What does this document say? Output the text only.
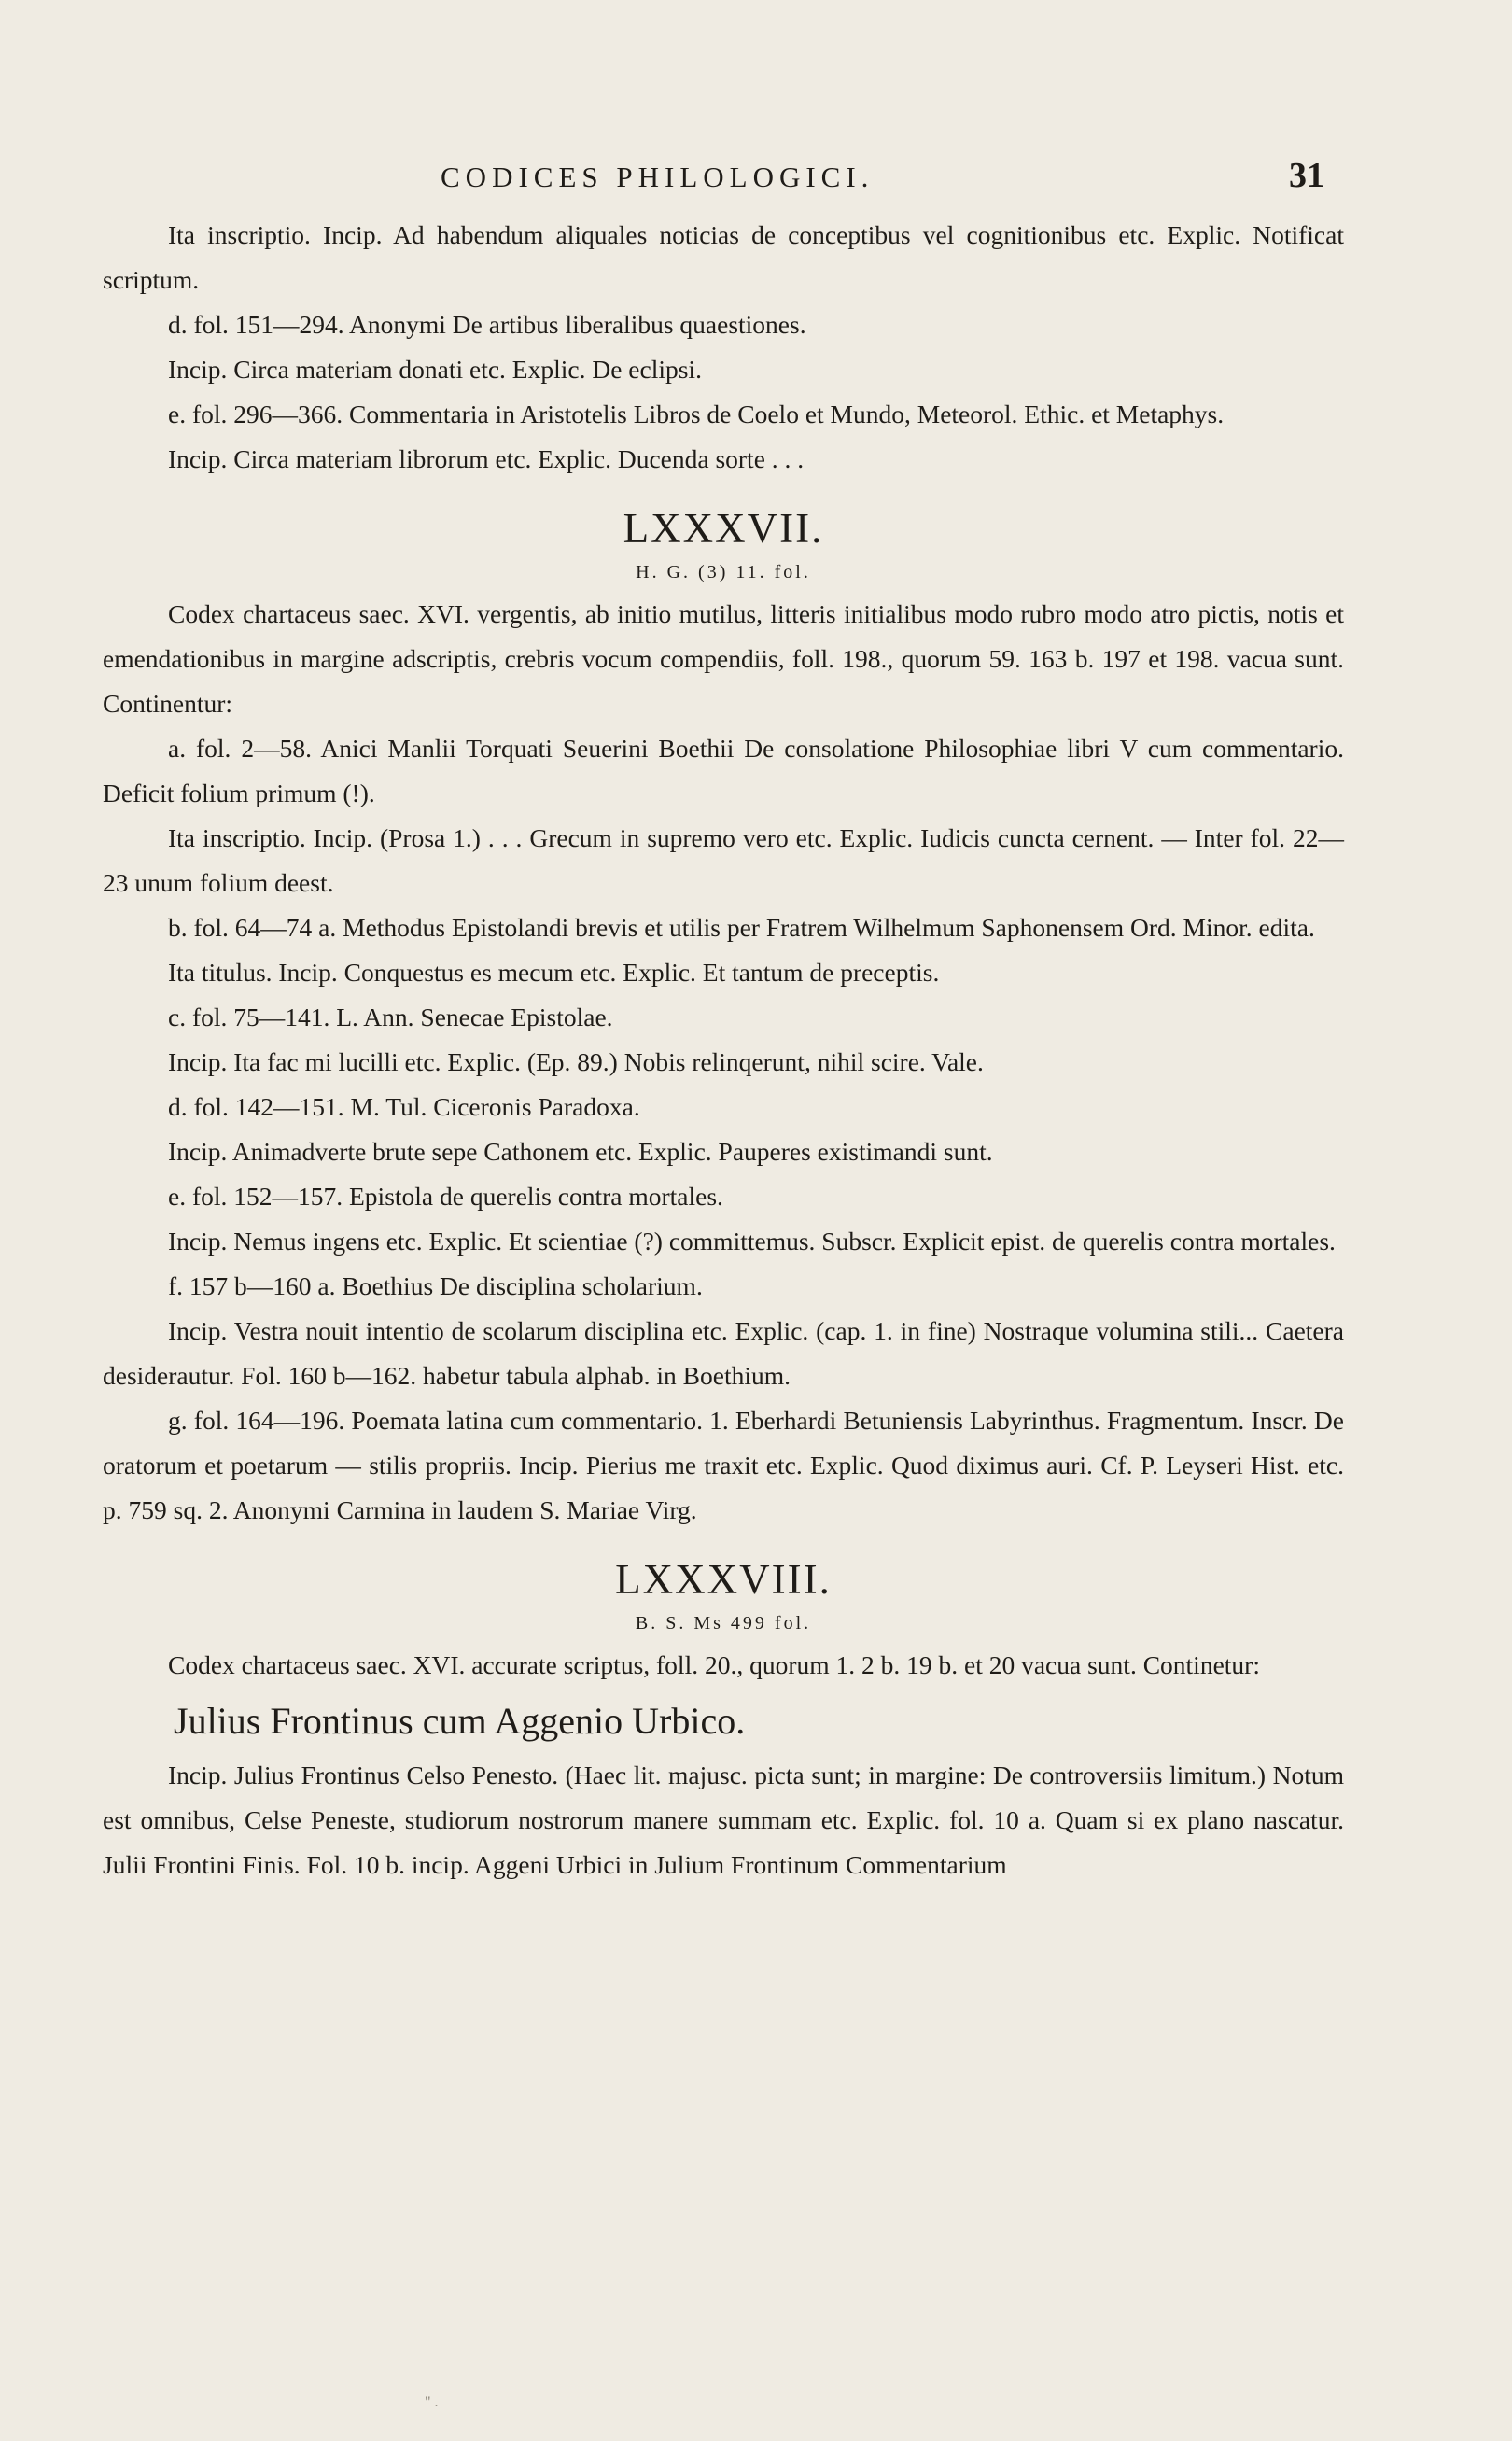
CODICES PHILOLOGICI.	31

Ita inscriptio. Incip. Ad habendum aliquales noticias de conceptibus vel cognitionibus etc. Explic. Notificat scriptum.

d. fol. 151—294. Anonymi De artibus liberalibus quaestiones.

Incip. Circa materiam donati etc. Explic. De eclipsi.

e. fol. 296—366. Commentaria in Aristotelis Libros de Coelo et Mundo, Meteorol. Ethic. et Metaphys.

Incip. Circa materiam librorum etc. Explic. Ducenda sorte . . .

LXXXVII.
H. G. (3) 11. fol.

Codex chartaceus saec. XVI. vergentis, ab initio mutilus, litteris initialibus modo rubro modo atro pictis, notis et emendationibus in margine adscriptis, crebris vocum compendiis, foll. 198., quorum 59. 163 b. 197 et 198. vacua sunt. Continentur:

a. fol. 2—58. Anici Manlii Torquati Seuerini Boethii De consolatione Philosophiae libri V cum commentario. Deficit folium primum (!).

Ita inscriptio. Incip. (Prosa 1.) . . . Grecum in supremo vero etc. Explic. Iudicis cuncta cernent. — Inter fol. 22—23 unum folium deest.

b. fol. 64—74 a. Methodus Epistolandi brevis et utilis per Fratrem Wilhelmum Saphonensem Ord. Minor. edita.

Ita titulus. Incip. Conquestus es mecum etc. Explic. Et tantum de preceptis.

c. fol. 75—141. L. Ann. Senecae Epistolae.

Incip. Ita fac mi lucilli etc. Explic. (Ep. 89.) Nobis relinqerunt, nihil scire. Vale.

d. fol. 142—151. M. Tul. Ciceronis Paradoxa.

Incip. Animadverte brute sepe Cathonem etc. Explic. Pauperes existimandi sunt.

e. fol. 152—157. Epistola de querelis contra mortales.

Incip. Nemus ingens etc. Explic. Et scientiae (?) committemus. Subscr. Explicit epist. de querelis contra mortales.

f. 157 b—160 a. Boethius De disciplina scholarium.

Incip. Vestra nouit intentio de scolarum disciplina etc. Explic. (cap. 1. in fine) Nostraque volumina stili... Caetera desiderautur. Fol. 160 b—162. habetur tabula alphab. in Boethium.

g. fol. 164—196. Poemata latina cum commentario. 1. Eberhardi Betuniensis Labyrinthus. Fragmentum. Inscr. De oratorum et poetarum — stilis propriis. Incip. Pierius me traxit etc. Explic. Quod diximus auri. Cf. P. Leyseri Hist. etc. p. 759 sq. 2. Anonymi Carmina in laudem S. Mariae Virg.

LXXXVIII.
B. S. Ms 499 fol.

Codex chartaceus saec. XVI. accurate scriptus, foll. 20., quorum 1. 2 b. 19 b. et 20 vacua sunt. Continetur:

Julius Frontinus cum Aggenio Urbico.

Incip. Julius Frontinus Celso Penesto. (Haec lit. majusc. picta sunt; in margine: De controversiis limitum.) Notum est omnibus, Celse Peneste, studiorum nostrorum manere summam etc. Explic. fol. 10 a. Quam si ex plano nascatur. Julii Frontini Finis. Fol. 10 b. incip. Aggeni Urbici in Julium Frontinum Commentarium

" .
